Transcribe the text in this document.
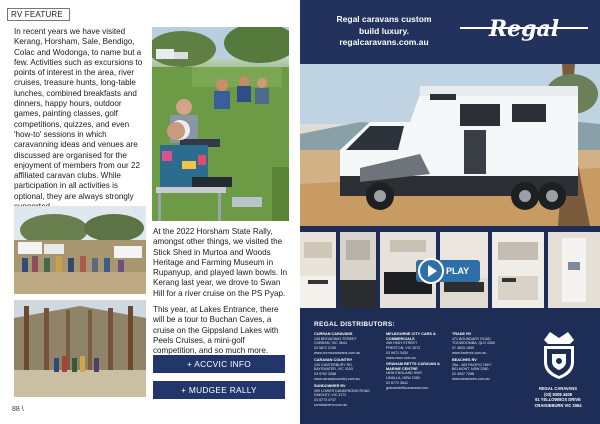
RV FEATURE

In recent years we have visited Kerang, Horsham, Sale, Bendigo, Colac and Wodonga, to name but a few. Activities such as excursions to points of interest in the area, river cruises, treasure hunts, long-table lunches, combined breakfasts and dinners, happy hours, outdoor games, painting classes, golf competitions, quizzes, and even 'how-to' sessions in which caravanning ideas and venues are discussed are organised for the enjoyment of members from our 22 affiliated caravan clubs. While participation in all activities is optional, they are always strongly

At the 2022 Horsham State Rally, amongst other things, we visited the Stick Shed in Murtoa and Woods Heritage and Farming Museum in Rupanyup, and played lawn bowls. In Kerang last year, we drove to Swan Hill for a river cruise on the PS Pyap.

This year, at Lakes Entrance, there will be a tour to Buchan Caves, a cruise on the Gippsland Lakes with Peels Cruises, a mini-golf competition, and so much more.

+ ACCVIC INFO
+ MUDGEE RALLY
88 \
Regal caravans custom
build luxury.
regalcaravans.com.au	Regal
PLAY
REGAL DISTRIBUTORS:
CURRAN CARAVANS
105 BROADWAY STREET
COBRAM, VIC 3644
03 5872 2155
www.currancaravans.com.au
CARAVAN COUNTRY
120 CANTERBURY RD
BAYSWATER, VIC 3153
03 9762 3288
www.caravancountry.com.au
SUNDOWNER RV
399 LOWER DANDENONG ROAD
DINGLEY, VIC 3172
03 8773 4747
sundownerrv.com.au
MELBOURNE CITY CARS & COMMERCIALS
496 HIGH STREET
PRESTON, VIC 3072
03 9471 3430
www.mccc.com.au
GRAHAM BETTS CARAVAN & MARINE CENTRE
NEW ENGLAND HWY
UMALLA, NSW 2350
02 6772 3641
grahambettscaravans.com
TRADE RV
471 BOUNDARY ROAD
TOOWOOMBA, QLD 4350
07 4633 1699
www.tradervs.com.au
BEACHES RV
25a - 463 PACIFIC HWY
BELMONT, NSW 2280
02 4947 7288
www.beachesrv.com.au
REGAL CARAVANS
(03) 9308 4408
61 YELLOWBOX DRIVE
CRAIGIEBURN VIC 3064
